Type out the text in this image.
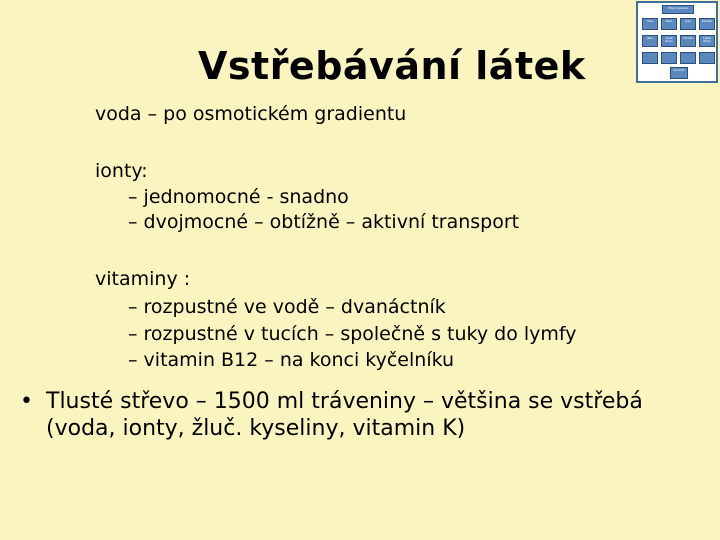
Vstřebávání látek
voda – po osmotickém gradientu
ionty:
– jednomocné - snadno
– dvojmocné – obtížně – aktivní transport
vitaminy :
– rozpustné ve vodě – dvanáctník
– rozpustné v tucích – společně s tuky do lymfy
– vitamin B12 – na konci kyčelníku
• Tlusté střevo – 1500 ml tráveniny – většina se vstřebá
(voda, ionty, žluč. kyseliny, vitamin K)
Trávicí soustava
Ústa	Hltan	Jícen	Žaludek
Játra	Tenké střevo
Slinivka	Tlusté střevo
Konečník
